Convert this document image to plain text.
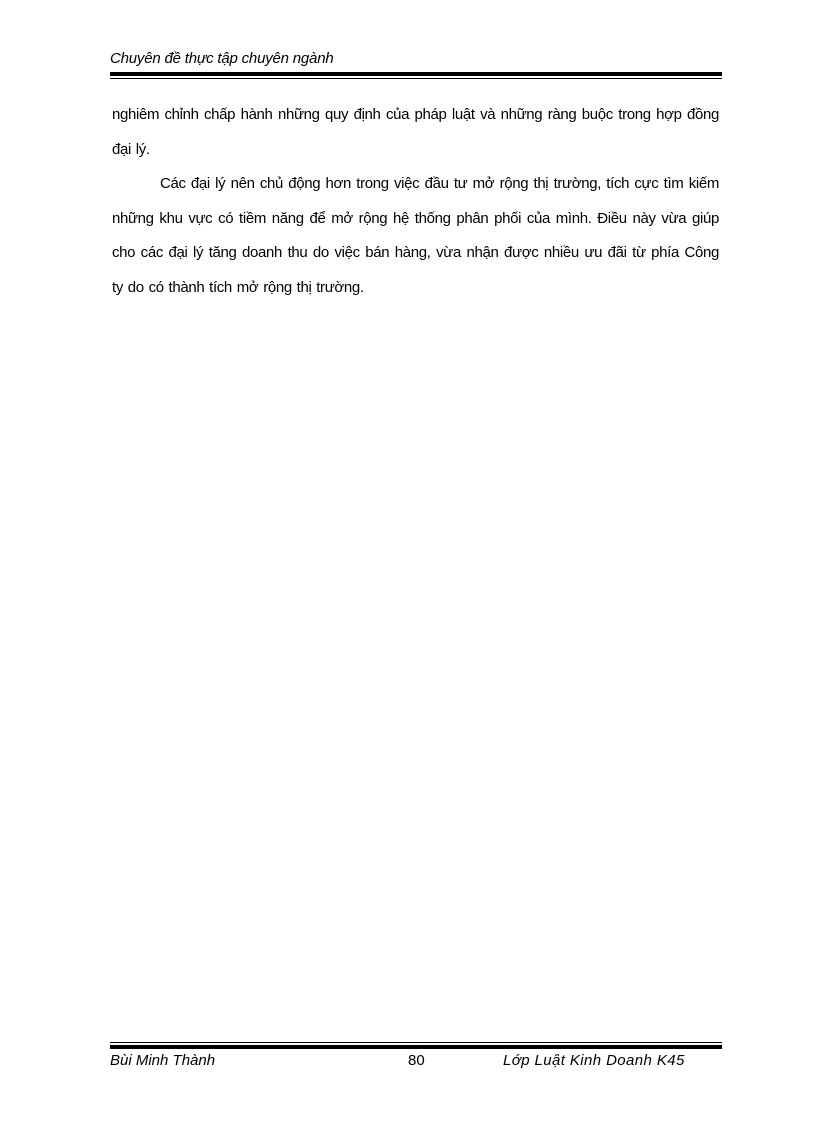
Chuyên đề thực tập chuyên ngành

nghiêm chỉnh chấp hành những quy định của pháp luật và những ràng buộc trong hợp đồng đại lý.

Các đại lý nên chủ động hơn trong việc đầu tư mở rộng thị trường, tích cực tìm kiếm những khu vực có tiềm năng để mở rộng hệ thống phân phối của mình. Điều này vừa giúp cho các đại lý tăng doanh thu do việc bán hàng, vừa nhận được nhiều ưu đãi từ phía Công ty do có thành tích mở rộng thị trường.

Bùi Minh Thành	80	Lớp Luật Kinh Doanh K45
